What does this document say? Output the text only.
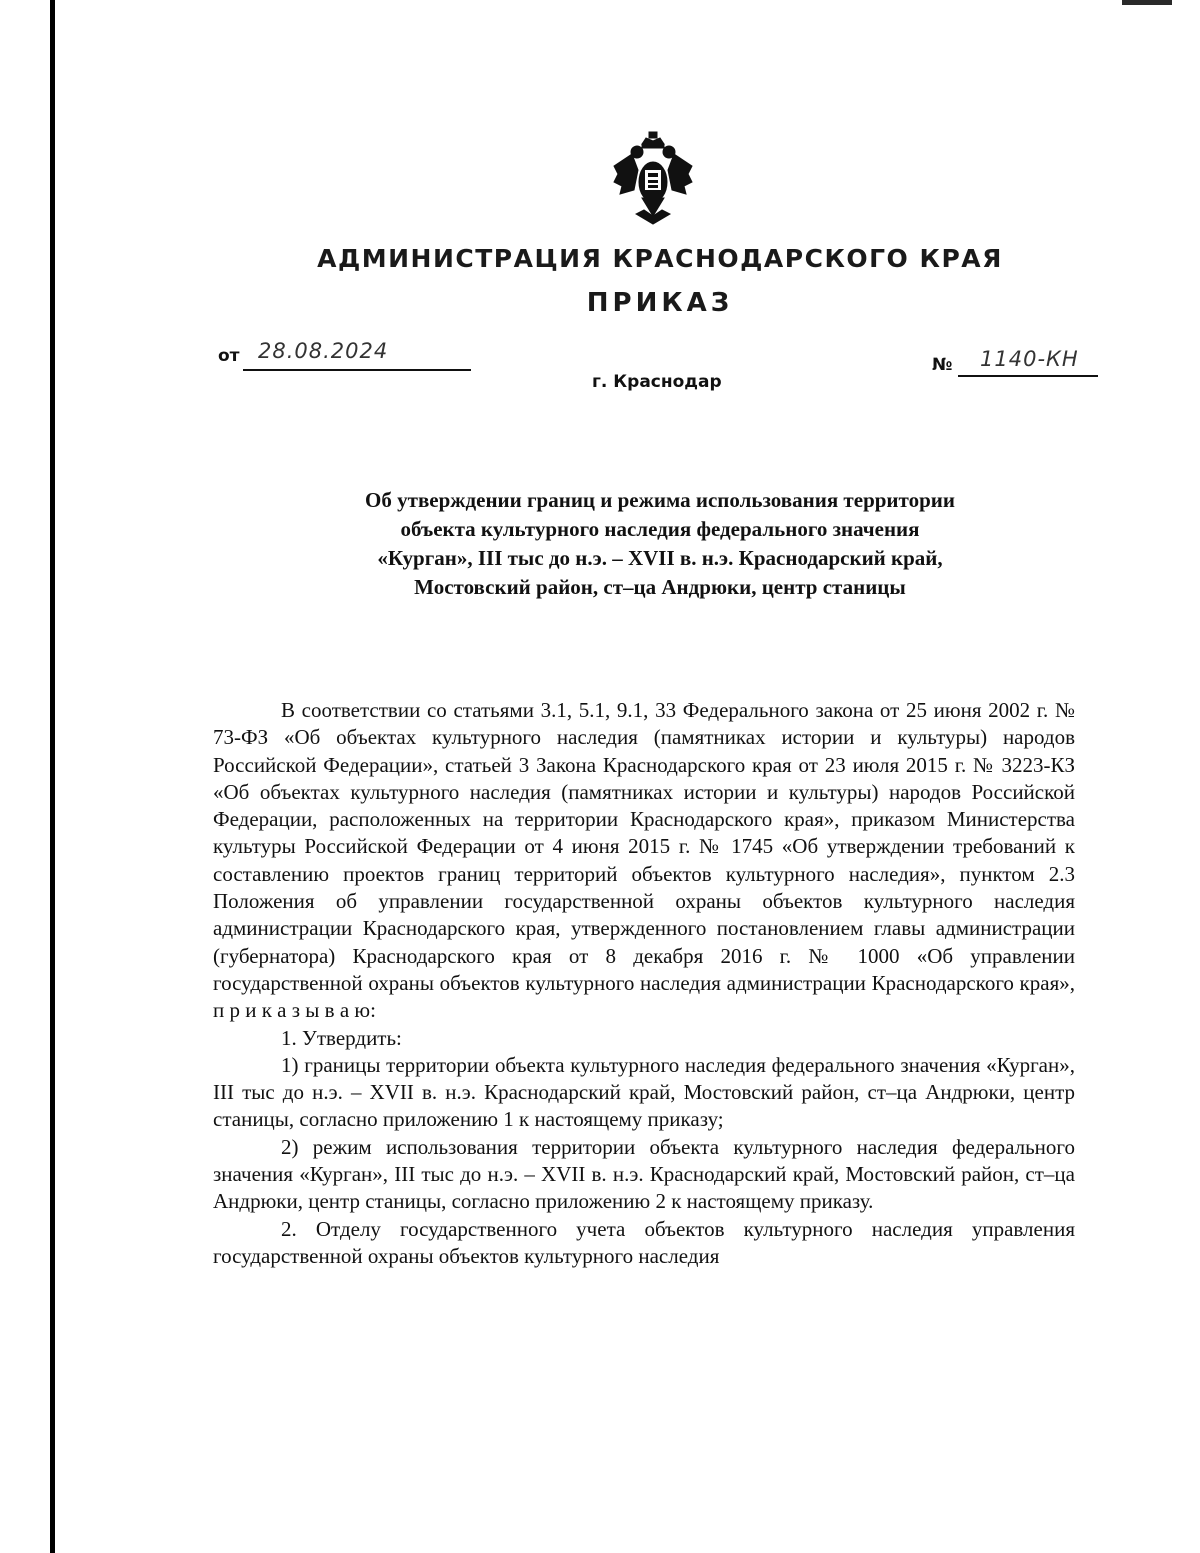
АДМИНИСТРАЦИЯ КРАСНОДАРСКОГО КРАЯ
ПРИКАЗ
от 28.08.2024
г. Краснодар
№ 1140-КН
Об утверждении границ и режима использования территории
объекта культурного наследия федерального значения
«Курган», III тыс до н.э. – XVII в. н.э. Краснодарский край,
Мостовский район, ст–ца Андрюки, центр станицы
В соответствии со статьями 3.1, 5.1, 9.1, 33 Федерального закона от 25 июня 2002 г. № 73-ФЗ «Об объектах культурного наследия (памятниках истории и культуры) народов Российской Федерации», статьей 3 Закона Краснодарского края от 23 июля 2015 г. № 3223-КЗ «Об объектах культурного наследия (памятниках истории и культуры) народов Российской Федерации, расположенных на территории Краснодарского края», приказом Министерства культуры Российской Федерации от 4 июня 2015 г. № 1745 «Об утверждении требований к составлению проектов границ территорий объектов культурного наследия», пунктом 2.3 Положения об управлении государственной охраны объектов культурного наследия администрации Краснодарского края, утвержденного постановлением главы администрации (губернатора) Краснодарского края от 8 декабря 2016 г. № 1000 «Об управлении государственной охраны объектов культурного наследия администрации Краснодарского края», п р и к а з ы в а ю:
1. Утвердить:
1) границы территории объекта культурного наследия федерального значения «Курган», III тыс до н.э. – XVII в. н.э. Краснодарский край, Мостовский район, ст–ца Андрюки, центр станицы, согласно приложению 1 к настоящему приказу;
2) режим использования территории объекта культурного наследия федерального значения «Курган», III тыс до н.э. – XVII в. н.э. Краснодарский край, Мостовский район, ст–ца Андрюки, центр станицы, согласно приложению 2 к настоящему приказу.
2. Отделу государственного учета объектов культурного наследия управления государственной охраны объектов культурного наследия
